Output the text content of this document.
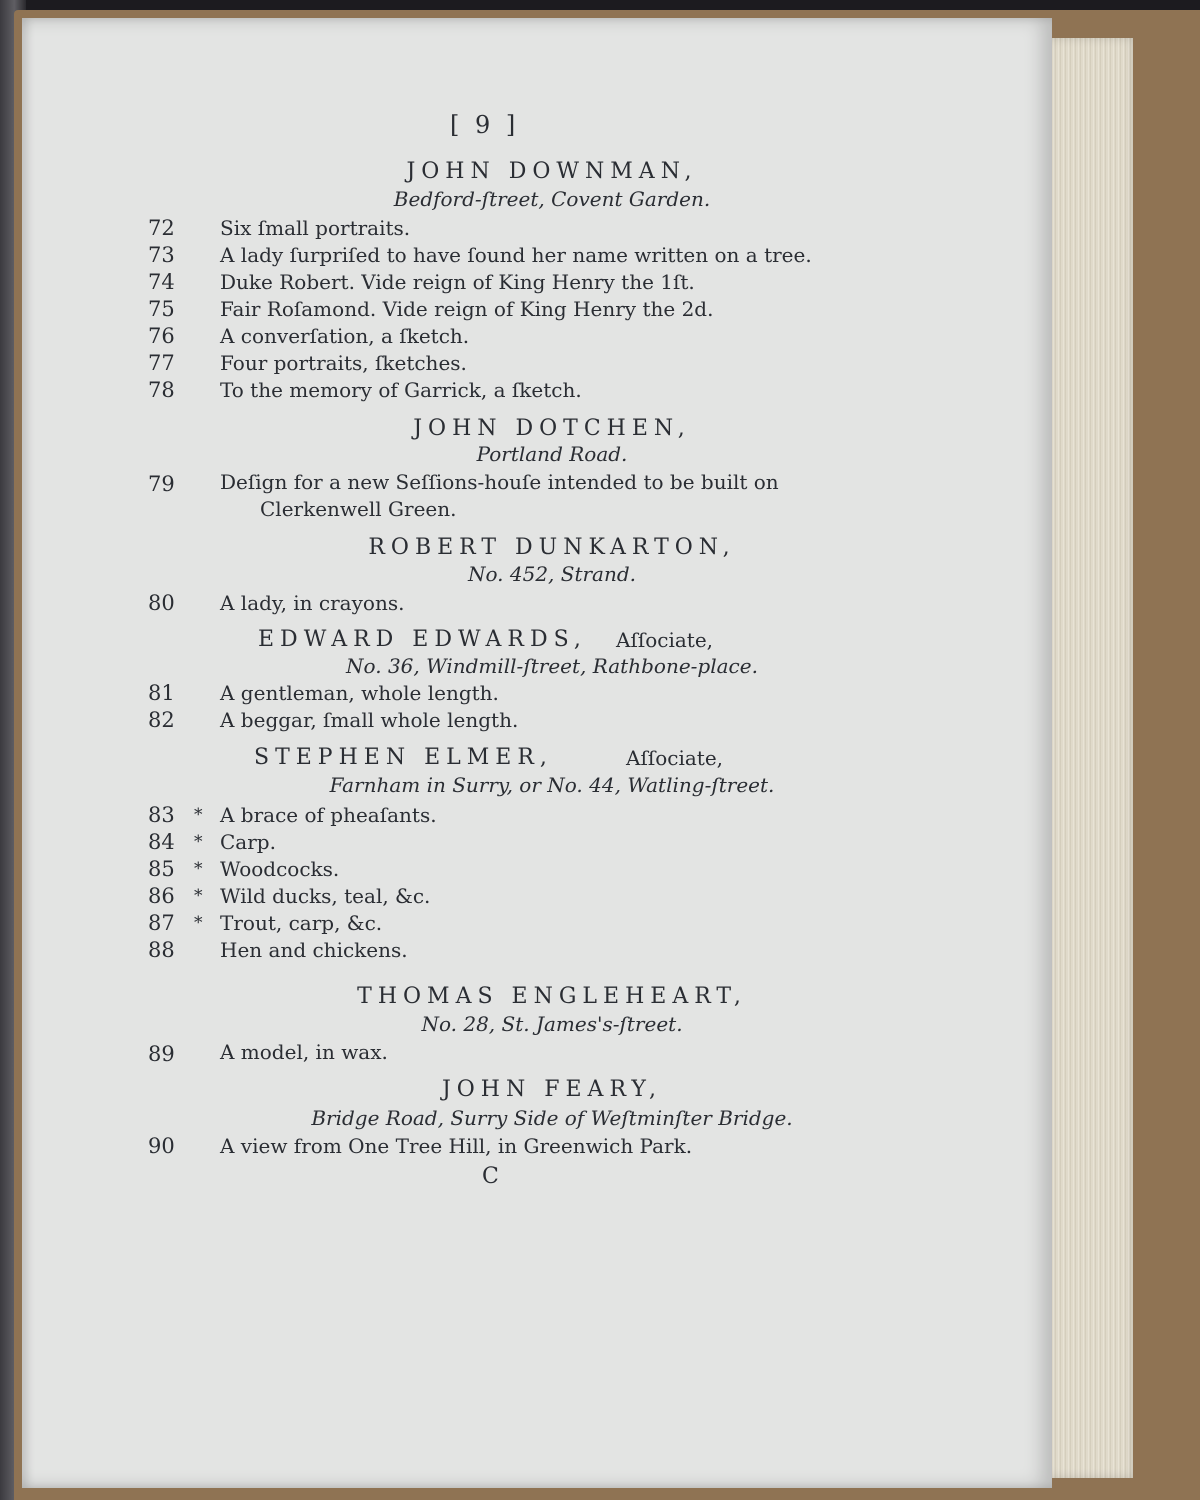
[ 9 ]
JOHN DOWNMAN,
Bedford-ſtreet, Covent Garden.
72	Six ſmall portraits.
73	A lady ſurpriſed to have ſound her name written on a tree.
74	Duke Robert. Vide reign of King Henry the 1ſt.
75	Fair Roſamond. Vide reign of King Henry the 2d.
76	A converſation, a ſketch.
77	Four portraits, ſketches.
78	To the memory of Garrick, a ſketch.
JOHN DOTCHEN,
Portland Road.
79	Deſign for a new Seſſions-houſe intended to be built on
Clerkenwell Green.
ROBERT DUNKARTON,
No. 452, Strand.
80	A lady, in crayons.
EDWARD EDWARDS, Aſſociate,
No. 36, Windmill-ſtreet, Rathbone-place.
81	A gentleman, whole length.
82	A beggar, ſmall whole length.
STEPHEN ELMER,	Aſſociate,
Farnham in Surry, or No. 44, Watling-ſtreet.
83	* A brace of pheaſants.
84	* Carp.
85	* Woodcocks.
86	* Wild ducks, teal, &c.
87	* Trout, carp, &c.
88	Hen and chickens.
THOMAS ENGLEHEART,
No. 28, St. James's-ſtreet.
89	A model, in wax.
JOHN FEARY,
Bridge Road, Surry Side of Weſtminſter Bridge.
90	A view from One Tree Hill, in Greenwich Park.
C
